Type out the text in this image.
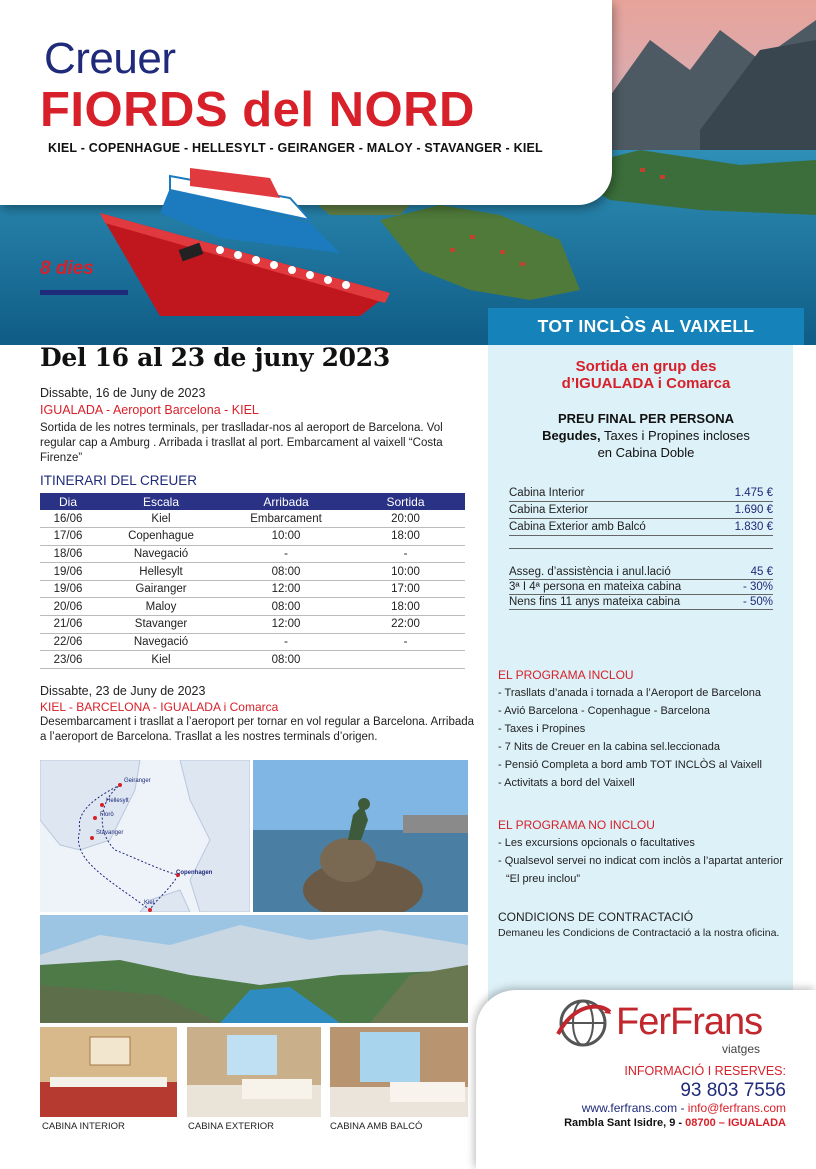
Creuer
FIORDS del NORD
KIEL - COPENHAGUE - HELLESYLT - GEIRANGER - MALOY - STAVANGER - KIEL
8 dies
TOT INCLÒS AL VAIXELL
Del 16 al 23 de juny 2023
Dissabte, 16 de Juny de 2023
IGUALADA - Aeroport Barcelona - KIEL
Sortida de les notres terminals, per traslladar-nos al aeroport de Barcelona. Vol regular cap a Amburg . Arribada i trasllat al port. Embarcament al vaixell “Costa Firenze”
ITINERARI DEL CREUER
Dia	Escala	Arribada	Sortida
16/06	Kiel	Embarcament	20:00
17/06	Copenhague	10:00	18:00
18/06	Navegació	-	-
19/06	Hellesylt	08:00	10:00
19/06	Gairanger	12:00	17:00
20/06	Maloy	08:00	18:00
21/06	Stavanger	12:00	22:00
22/06	Navegació	-	-
23/06	Kiel	08:00	
Dissabte, 23 de Juny de 2023
KIEL - BARCELONA - IGUALADA i Comarca
Desembarcament i trasllat a l’aeroport per tornar en vol regular a Barcelona. Arribada a l’aeroport de Barcelona. Trasllat a les nostres terminals d’origen.
Geiranger
Hellesylt
Florö
Stavanger
Copenhagen
Kiel
CABINA INTERIOR	CABINA EXTERIOR	CABINA AMB BALCÓ
Sortida en grup des
d’IGUALADA i Comarca
PREU FINAL PER PERSONA
Begudes, Taxes i Propines incloses
en Cabina Doble
Cabina Interior	1.475 €
Cabina Exterior	1.690 €
Cabina Exterior amb Balcó	1.830 €
Asseg. d’assistència i anul.lació	45 €
3ª I 4ª persona en mateixa cabina	- 30%
Nens fins 11 anys mateixa cabina	- 50%
EL PROGRAMA INCLOU
- Trasllats d’anada i tornada a l’Aeroport de Barcelona
- Avió Barcelona - Copenhague - Barcelona
- Taxes i Propines
- 7 Nits de Creuer en la cabina sel.leccionada
- Pensió Completa a bord amb TOT INCLÒS al Vaixell
- Activitats a bord del Vaixell
EL PROGRAMA NO INCLOU
- Les excursions opcionals o facultatives
- Qualsevol servei no indicat com inclòs a l’apartat anterior
“El preu inclou”
CONDICIONS DE CONTRACTACIÓ
Demaneu les Condicions de Contractació a la nostra oficina.
FerFrans
viatges
INFORMACIÓ I RESERVES:
93 803 7556
www.ferfrans.com - info@ferfrans.com
Rambla Sant Isidre, 9 - 08700 – IGUALADA
